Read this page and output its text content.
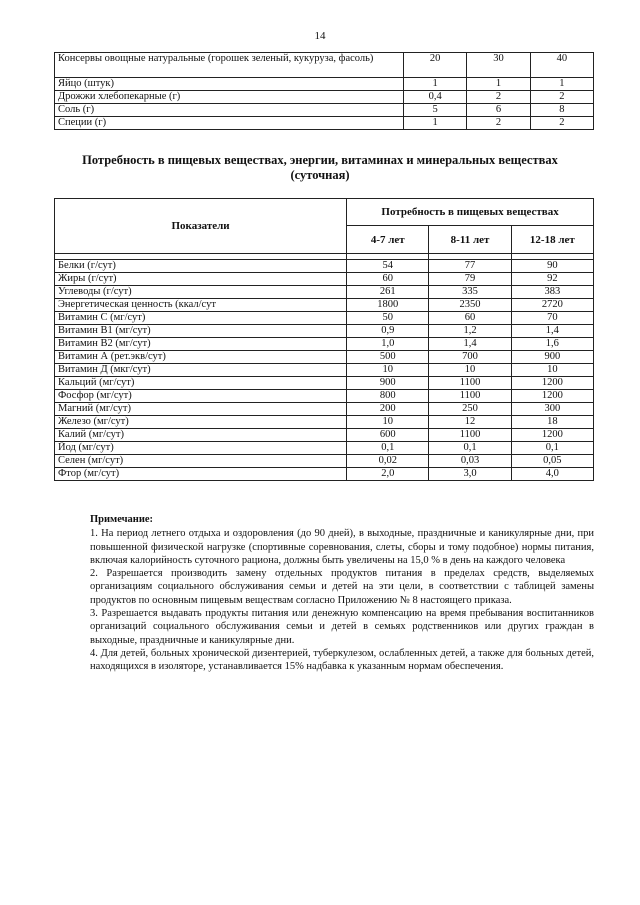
14
Консервы овощные натуральные (горошек зеленый, кукуруза, фасоль)	20	30	40
Яйцо (штук)	1	1	1
Дрожжи хлебопекарные (г)	0,4	2	2
Соль (г)	5	6	8
Специи (г)	1	2	2
Потребность в пищевых веществах, энергии, витаминах и минеральных веществах
(суточная)
Показатели	Потребность в пищевых веществах		
	4-7 лет	8-11 лет	12-18 лет

Белки (г/сут)	54	77	90
Жиры (г/сут)	60	79	92
Углеводы (г/сут)	261	335	383
Энергетическая ценность (ккал/сут	1800	2350	2720
Витамин С (мг/сут)	50	60	70
Витамин В1 (мг/сут)	0,9	1,2	1,4
Витамин В2 (мг/сут)	1,0	1,4	1,6
Витамин А (рет.экв/сут)	500	700	900
Витамин Д (мкг/сут)	10	10	10
Кальций (мг/сут)	900	1100	1200
Фосфор (мг/сут)	800	1100	1200
Магний (мг/сут)	200	250	300
Железо (мг/сут)	10	12	18
Калий (мг/сут)	600	1100	1200
Йод (мг/сут)	0,1	0,1	0,1
Селен (мг/сут)	0,02	0,03	0,05
Фтор (мг/сут)	2,0	3,0	4,0

Примечание:

1. На период летнего отдыха и оздоровления (до 90 дней), в выходные, праздничные и каникулярные дни, при повышенной физической нагрузке (спортивные соревнования, слеты, сборы и тому подобное) нормы питания, включая калорийность суточного рациона, должны быть увеличены на 15,0 % в день на каждого человека

2. Разрешается производить замену отдельных продуктов питания в пределах средств, выделяемых организациям социального обслуживания семьи и детей на эти цели, в соответствии с таблицей замены продуктов по основным пищевым веществам согласно Приложению № 8 настоящего приказа.

3. Разрешается выдавать продукты питания или денежную компенсацию на время пребывания воспитанников организаций социального обслуживания семьи и детей в семьях родственников или других граждан в выходные, праздничные и каникулярные дни.

4. Для детей, больных хронической дизентерией, туберкулезом, ослабленных детей, а также для больных детей, находящихся в изоляторе, устанавливается 15% надбавка к указанным нормам обеспечения.
